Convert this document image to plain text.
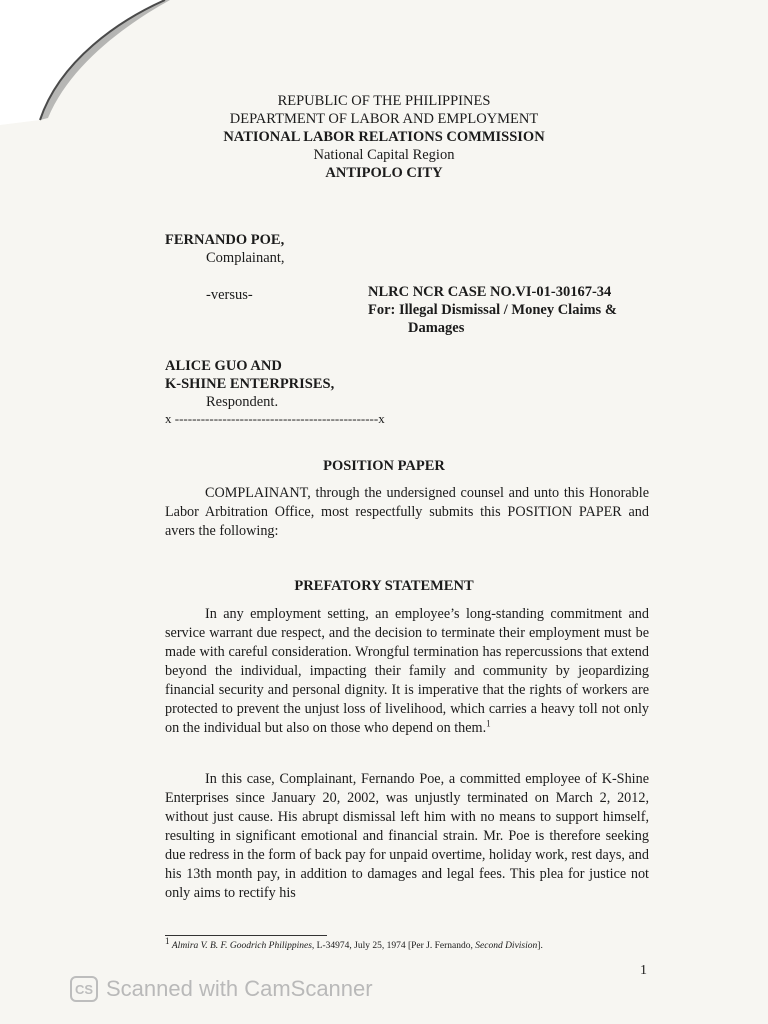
REPUBLIC OF THE PHILIPPINES
DEPARTMENT OF LABOR AND EMPLOYMENT
NATIONAL LABOR RELATIONS COMMISSION
National Capital Region
ANTIPOLO CITY
FERNANDO POE,
Complainant,
-versus-	NLRC NCR CASE NO.VI-01-30167-34
For: Illegal Dismissal / Money Claims &
Damages
ALICE GUO AND
K-SHINE ENTERPRISES,
Respondent.
x -----------------------------------------------x
POSITION PAPER
COMPLAINANT, through the undersigned counsel and unto this Honorable Labor Arbitration Office, most respectfully submits this POSITION PAPER and avers the following:
PREFATORY STATEMENT
In any employment setting, an employee’s long-standing commitment and service warrant due respect, and the decision to terminate their employment must be made with careful consideration. Wrongful termination has repercussions that extend beyond the individual, impacting their family and community by jeopardizing financial security and personal dignity. It is imperative that the rights of workers are protected to prevent the unjust loss of livelihood, which carries a heavy toll not only on the individual but also on those who depend on them.$^1$
In this case, Complainant, Fernando Poe, a committed employee of K-Shine Enterprises since January 20, 2002, was unjustly terminated on March 2, 2012, without just cause. His abrupt dismissal left him with no means to support himself, resulting in significant emotional and financial strain. Mr. Poe is therefore seeking due redress in the form of back pay for unpaid overtime, holiday work, rest days, and his 13th month pay, in addition to damages and legal fees. This plea for justice not only aims to rectify his
1 Almira V. B. F. Goodrich Philippines, L-34974, July 25, 1974 [Per J. Fernando, Second Division].
1
CS Scanned with CamScanner
